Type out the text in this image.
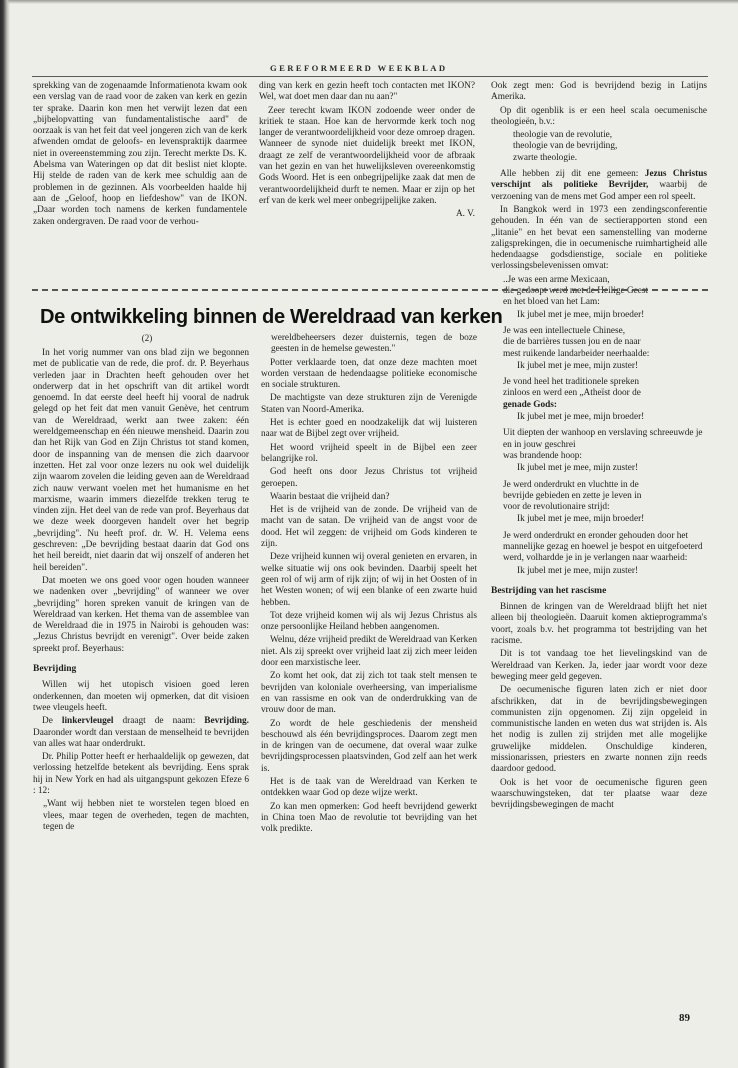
GEREFORMEERD WEEKBLAD

sprekking van de zogenaamde Informatienota kwam ook een verslag van de raad voor de zaken van kerk en gezin ter sprake. Daarin kon men het verwijt lezen dat een „bijbelopvatting van fundamentalistische aard" de oorzaak is van het feit dat veel jongeren zich van de kerk afwenden omdat de geloofs- en levenspraktijk daarmee niet in overeenstemming zou zijn. Terecht merkte Ds. K. Abelsma van Wateringen op dat dit beslist niet klopte. Hij stelde de raden van de kerk mee schuldig aan de problemen in de gezinnen. Als voorbeelden haalde hij aan de „Geloof, hoop en liefdeshow" van de IKON. „Daar worden toch namens de kerken fundamentele zaken ondergraven. De raad voor de verhou-

ding van kerk en gezin heeft toch contacten met IKON? Wel, wat doet men daar dan nu aan?"

Zeer terecht kwam IKON zodoende weer onder de kritiek te staan. Hoe kan de hervormde kerk toch nog langer de verantwoordelijkheid voor deze omroep dragen. Wanneer de synode niet duidelijk breekt met IKON, draagt ze zelf de verantwoordelijkheid voor de afbraak van het gezin en van het huwelijksleven overeenkomstig Gods Woord. Het is een onbegrijpelijke zaak dat men de verantwoordelijkheid durft te nemen. Maar er zijn op het erf van de kerk wel meer onbegrijpelijke zaken.

A. V.

Ook zegt men: God is bevrijdend bezig in Latijns Amerika.

Op dit ogenblik is er een heel scala oecumenische theologieën, b.v.:

theologie van de revolutie,
theologie van de bevrijding,
zwarte theologie.

Alle hebben zij dit ene gemeen: Jezus Christus verschijnt als politieke Bevrijder, waarbij de verzoening van de mens met God amper een rol speelt.

In Bangkok werd in 1973 een zendingsconferentie gehouden. In één van de sectierapporten stond een „litanie" en het bevat een samenstelling van moderne zaligsprekingen, die in oecumenische ruimhartigheid alle hedendaagse godsdienstige, sociale en politieke verlossingsbelevenissen omvat:

..Je was een arme Mexicaan,
die gedoopt werd met de Heilige Geest
en het bloed van het Lam:
Ik jubel met je mee, mijn broeder!
Je was een intellectuele Chinese,
die de barrières tussen jou en de naar
mest ruikende landarbeider neerhaalde:
Ik jubel met je mee, mijn zuster!
Je vond heel het traditionele spreken
zinloos en werd een „Atheïst door de
genade Gods:
Ik jubel met je mee, mijn broeder!
Uit diepten der wanhoop en verslaving schreeuwde je en in jouw geschrei
was brandende hoop:
Ik jubel met je mee, mijn zuster!
Je werd onderdrukt en vluchtte in de
bevrijde gebieden en zette je leven in
voor de revolutionaire strijd:
Ik jubel met je mee, mijn broeder!
Je werd onderdrukt en eronder gehouden door het mannelijke gezag en hoewel je bespot en uitgefoeterd werd, volhardde je in je verlangen naar waarheid:
Ik jubel met je mee, mijn zuster!
Bestrijding van het rascisme

Binnen de kringen van de Wereldraad blijft het niet alleen bij theologieën. Daaruit komen aktieprogramma's voort, zoals b.v. het programma tot bestrijding van het racisme.

Dit is tot vandaag toe het lievelingskind van de Wereldraad van Kerken. Ja, ieder jaar wordt voor deze beweging meer geld gegeven.

De oecumenische figuren laten zich er niet door afschrikken, dat in de bevrijdingsbewegingen communisten zijn opgenomen. Zij zijn opgeleid in communistische landen en weten dus wat strijden is. Als het nodig is zullen zij strijden met alle mogelijke gruwelijke middelen. Onschuldige kinderen, missionarissen, priesters en zwarte nonnen zijn reeds daardoor gedood.

Ook is het voor de oecumenische figuren geen waarschuwingsteken, dat ter plaatse waar deze bevrijdingsbewegingen de macht

De ontwikkeling binnen de Wereldraad van kerken
(2)

In het vorig nummer van ons blad zijn we begonnen met de publicatie van de rede, die prof. dr. P. Beyerhaus verleden jaar in Drachten heeft gehouden over het onderwerp dat in het opschrift van dit artikel wordt genoemd. In dat eerste deel heeft hij vooral de nadruk gelegd op het feit dat men vanuit Genève, het centrum van de Wereldraad, werkt aan twee zaken: één wereldgemeenschap en één nieuwe mensheid. Daarin zou dan het Rijk van God en Zijn Christus tot stand komen, door de inspanning van de mensen die zich daarvoor inzetten. Het zal voor onze lezers nu ook wel duidelijk zijn waarom zovelen die leiding geven aan de Wereldraad zich nauw verwant voelen met het humanisme en het marxisme, waarin immers diezelfde trekken terug te vinden zijn. Het deel van de rede van prof. Beyerhaus dat we deze week doorgeven handelt over het begrip „bevrijding". Nu heeft prof. dr. W. H. Velema eens geschreven: „De bevrijding bestaat daarin dat God ons het heil bereidt, niet daarin dat wij onszelf of anderen het heil bereiden".

Dat moeten we ons goed voor ogen houden wanneer we nadenken over „bevrijding" of wanneer we over „bevrijding" horen spreken vanuit de kringen van de Wereldraad van kerken. Het thema van de assemblee van de Wereldraad die in 1975 in Nairobi is gehouden was: „Jezus Christus bevrijdt en verenigt". Over beide zaken spreekt prof. Beyerhaus:

Bevrijding

Willen wij het utopisch visioen goed leren onderkennen, dan moeten wij opmerken, dat dit visioen twee vleugels heeft.

De linkervleugel draagt de naam: Bevrijding. Daaronder wordt dan verstaan de menselheid te bevrijden van alles wat haar onderdrukt.

Dr. Philip Potter heeft er herhaaldelijk op gewezen, dat verlossing hetzelfde betekent als bevrijding. Eens sprak hij in New York en had als uitgangspunt gekozen Efeze 6 : 12:

„Want wij hebben niet te worstelen tegen bloed en vlees, maar tegen de overheden, tegen de machten, tegen de

wereldbeheersers dezer duisternis, tegen de boze geesten in de hemelse gewesten."

Potter verklaarde toen, dat onze deze machten moet worden verstaan de hedendaagse politieke economische en sociale strukturen.

De machtigste van deze strukturen zijn de Verenigde Staten van Noord-Amerika.

Het is echter goed en noodzakelijk dat wij luisteren naar wat de Bijbel zegt over vrijheid.

Het woord vrijheid speelt in de Bijbel een zeer belangrijke rol.

God heeft ons door Jezus Christus tot vrijheid geroepen.

Waarin bestaat die vrijheid dan?

Het is de vrijheid van de zonde. De vrijheid van de macht van de satan. De vrijheid van de angst voor de dood. Het wil zeggen: de vrijheid om Gods kinderen te zijn.

Deze vrijheid kunnen wij overal genieten en ervaren, in welke situatie wij ons ook bevinden. Daarbij speelt het geen rol of wij arm of rijk zijn; of wij in het Oosten of in het Westen wonen; of wij een blanke of een zwarte huid hebben.

Tot deze vrijheid komen wij als wij Jezus Christus als onze persoonlijke Heiland hebben aangenomen.

Welnu, déze vrijheid predikt de Wereldraad van Kerken niet. Als zij spreekt over vrijheid laat zij zich meer leiden door een marxistische leer.

Zo komt het ook, dat zij zich tot taak stelt mensen te bevrijden van koloniale overheersing, van imperialisme en van rassisme en ook van de onderdrukking van de vrouw door de man.

Zo wordt de hele geschiedenis der mensheid beschouwd als één bevrijdingsproces. Daarom zegt men in de kringen van de oecumene, dat overal waar zulke bevrijdingsprocessen plaatsvinden, God zelf aan het werk is.

Het is de taak van de Wereldraad van Kerken te ontdekken waar God op deze wijze werkt.

Zo kan men opmerken: God heeft bevrijdend gewerkt in China toen Mao de revolutie tot bevrijding van het volk predikte.

89
